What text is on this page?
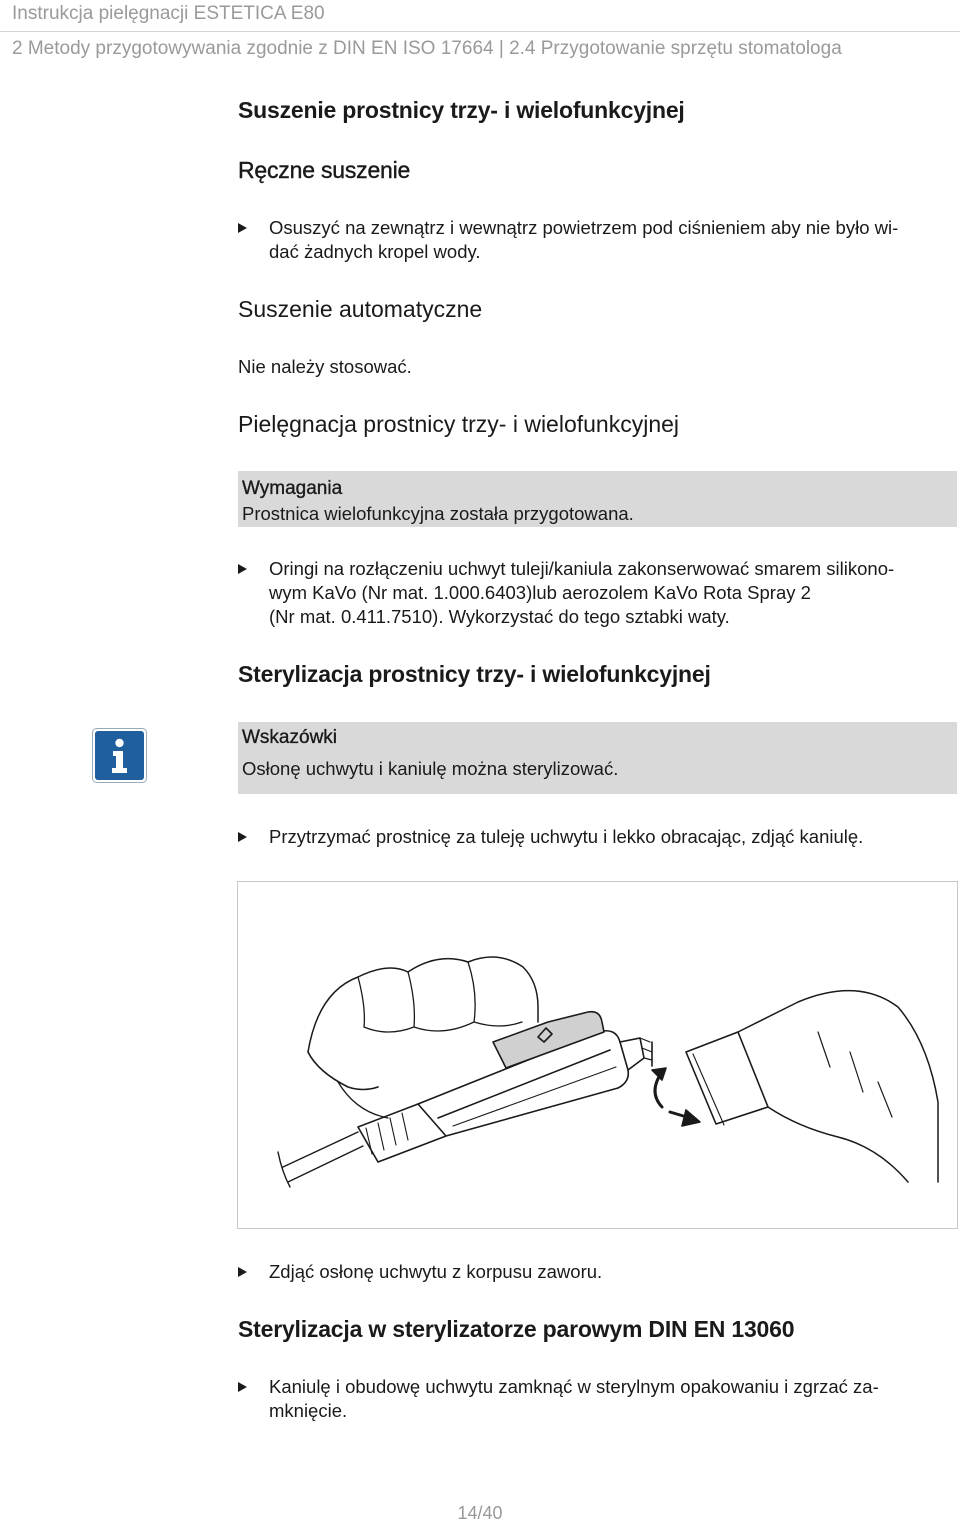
Instrukcja pielęgnacji ESTETICA E80
2 Metody przygotowywania zgodnie z DIN EN ISO 17664 | 2.4 Przygotowanie sprzętu stomatologa
Suszenie prostnicy trzy- i wielofunkcyjnej
Ręczne suszenie
Osuszyć na zewnątrz i wewnątrz powietrzem pod ciśnieniem aby nie było wi-
dać żadnych kropel wody.
Suszenie automatyczne
Nie należy stosować.
Pielęgnacja prostnicy trzy- i wielofunkcyjnej
Wymagania
Prostnica wielofunkcyjna została przygotowana.
Oringi na rozłączeniu uchwyt tuleji/kaniula zakonserwować smarem silikono-
wym KaVo (Nr mat. 1.000.6403)lub aerozolem KaVo Rota Spray 2
(Nr mat. 0.411.7510). Wykorzystać do tego sztabki waty.
Sterylizacja prostnicy trzy- i wielofunkcyjnej
Wskazówki
Osłonę uchwytu i kaniulę można sterylizować.
Przytrzymać prostnicę za tuleję uchwytu i lekko obracając, zdjąć kaniulę.
Zdjąć osłonę uchwytu z korpusu zaworu.
Sterylizacja w sterylizatorze parowym DIN EN 13060
Kaniulę i obudowę uchwytu zamknąć w sterylnym opakowaniu i zgrzać za-
mknięcie.
14/40
